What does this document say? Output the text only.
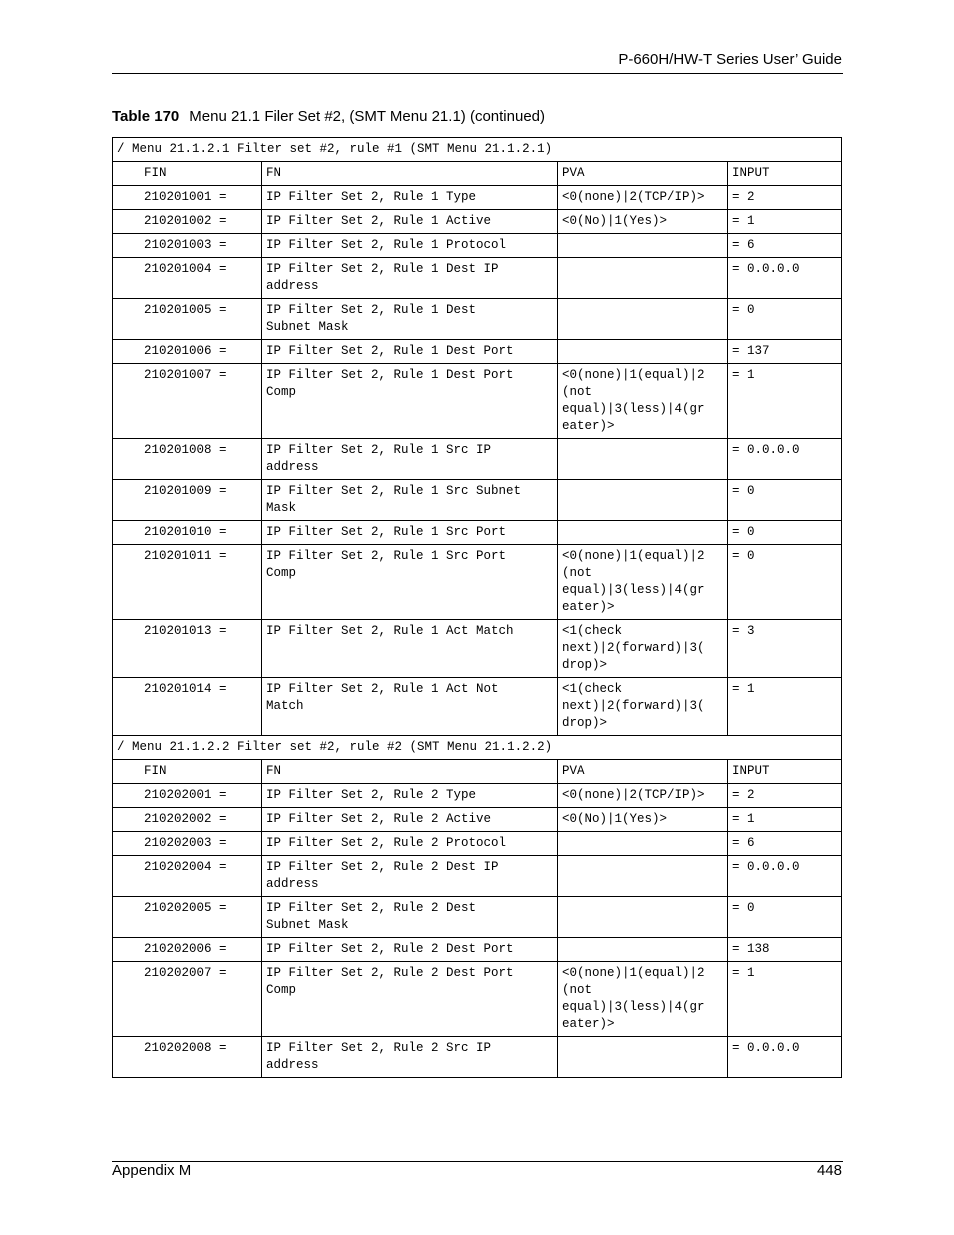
P-660H/HW-T Series User’ Guide
Table 170 Menu 21.1 Filer Set #2, (SMT Menu 21.1) (continued)
/ Menu 21.1.2.1 Filter set #2, rule #1 (SMT Menu 21.1.2.1)			
FIN	FN	PVA	INPUT
210201001 =	IP Filter Set 2, Rule 1 Type	<0(none)|2(TCP/IP)>	= 2
210201002 =	IP Filter Set 2, Rule 1 Active	<0(No)|1(Yes)>	= 1
210201003 =	IP Filter Set 2, Rule 1 Protocol		= 6
210201004 =	IP Filter Set 2, Rule 1 Dest IP
address		= 0.0.0.0
210201005 =	IP Filter Set 2, Rule 1 Dest
Subnet Mask		= 0
210201006 =	IP Filter Set 2, Rule 1 Dest Port		= 137
210201007 =	IP Filter Set 2, Rule 1 Dest Port
Comp	<0(none)|1(equal)|2
(not
equal)|3(less)|4(gr
eater)>	= 1
210201008 =	IP Filter Set 2, Rule 1 Src IP
address		= 0.0.0.0
210201009 =	IP Filter Set 2, Rule 1 Src Subnet
Mask		= 0
210201010 =	IP Filter Set 2, Rule 1 Src Port		= 0
210201011 =	IP Filter Set 2, Rule 1 Src Port
Comp	<0(none)|1(equal)|2
(not
equal)|3(less)|4(gr
eater)>	= 0
210201013 =	IP Filter Set 2, Rule 1 Act Match	<1(check
next)|2(forward)|3(
drop)>	= 3
210201014 =	IP Filter Set 2, Rule 1 Act Not
Match	<1(check
next)|2(forward)|3(
drop)>	= 1
/ Menu 21.1.2.2 Filter set #2, rule #2 (SMT Menu 21.1.2.2)			
FIN	FN	PVA	INPUT
210202001 =	IP Filter Set 2, Rule 2 Type	<0(none)|2(TCP/IP)>	= 2
210202002 =	IP Filter Set 2, Rule 2 Active	<0(No)|1(Yes)>	= 1
210202003 =	IP Filter Set 2, Rule 2 Protocol		= 6
210202004 =	IP Filter Set 2, Rule 2 Dest IP
address		= 0.0.0.0
210202005 =	IP Filter Set 2, Rule 2 Dest
Subnet Mask		= 0
210202006 =	IP Filter Set 2, Rule 2 Dest Port		= 138
210202007 =	IP Filter Set 2, Rule 2 Dest Port
Comp	<0(none)|1(equal)|2
(not
equal)|3(less)|4(gr
eater)>	= 1
210202008 =	IP Filter Set 2, Rule 2 Src IP
address		= 0.0.0.0
Appendix M	448
